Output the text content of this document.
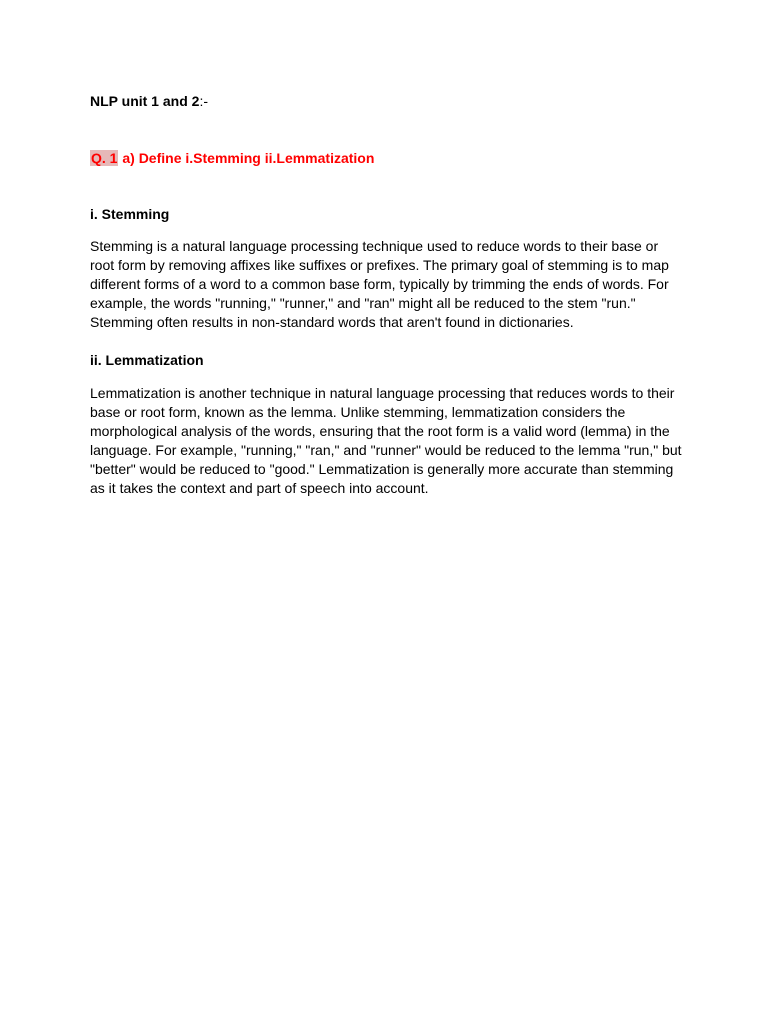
NLP unit 1 and 2:-
Q. 1 a) Define i.Stemming ii.Lemmatization
i. Stemming

Stemming is a natural language processing technique used to reduce words to their base or
root form by removing affixes like suffixes or prefixes. The primary goal of stemming is to map
different forms of a word to a common base form, typically by trimming the ends of words. For
example, the words "running," "runner," and "ran" might all be reduced to the stem "run."
Stemming often results in non-standard words that aren't found in dictionaries.

ii. Lemmatization

Lemmatization is another technique in natural language processing that reduces words to their
base or root form, known as the lemma. Unlike stemming, lemmatization considers the
morphological analysis of the words, ensuring that the root form is a valid word (lemma) in the
language. For example, "running," "ran," and "runner" would be reduced to the lemma "run," but
"better" would be reduced to "good." Lemmatization is generally more accurate than stemming
as it takes the context and part of speech into account.
